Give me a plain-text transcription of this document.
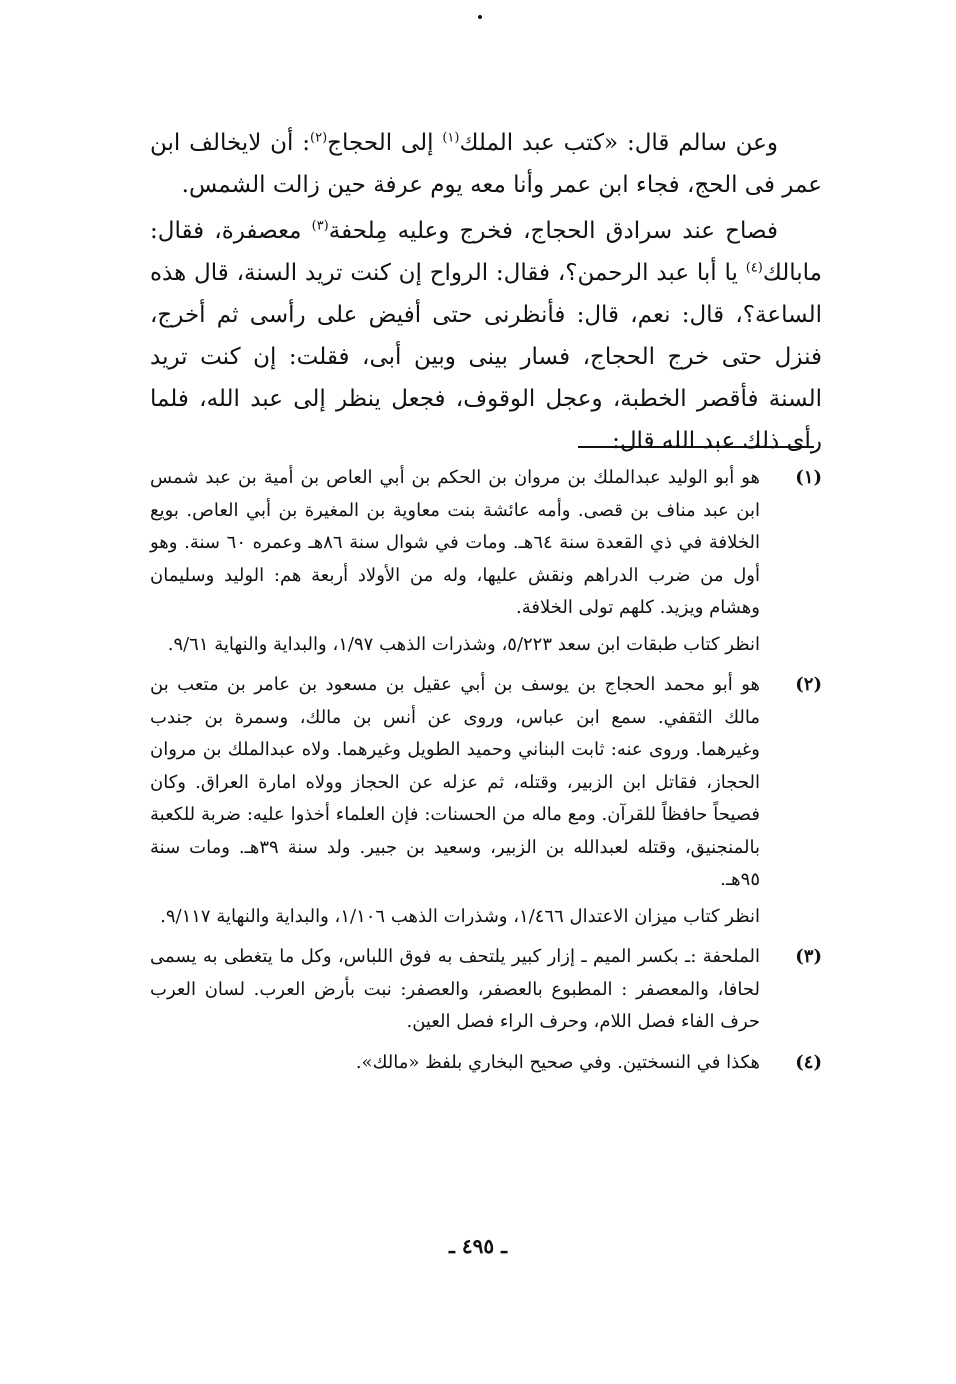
وعن سالم قال: «كتب عبد الملك$^{(١)}$ إلى الحجاج$^{(٢)}$: أن لايخالف ابن عمر فى الحج، فجاء ابن عمر وأنا معه يوم عرفة حين زالت الشمس.

فصاح عند سرادق الحجاج، فخرج وعليه مِلحفة$^{(٣)}$ معصفرة، فقال: مابالك$^{(٤)}$ يا أبا عبد الرحمن؟، فقال: الرواح إن كنت تريد السنة، قال هذه الساعة؟، قال: نعم، قال: فأنظرنى حتى أفيض على رأسى ثم أخرج، فنزل حتى خرج الحجاج، فسار بينى وبين أبى، فقلت: إن كنت تريد السنة فأقصر الخطبة، وعجل الوقوف، فجعل ينظر إلى عبد الله، فلما رأى ذلك عبد الله قال:

(١)

هو أبو الوليد عبدالملك بن مروان بن الحكم بن أبي العاص بن أمية بن عبد شمس ابن عبد مناف بن قصى. وأمه عائشة بنت معاوية بن المغيرة بن أبي العاص. بويع الخلافة في ذي القعدة سنة ٦٤هـ. ومات في شوال سنة ٨٦هـ وعمره ٦٠ سنة. وهو أول من ضرب الدراهم ونقش عليها، وله من الأولاد أربعة هم: الوليد وسليمان وهشام ويزيد. كلهم تولى الخلافة.

انظر كتاب طبقات ابن سعد ٥/٢٢٣، وشذرات الذهب ١/٩٧، والبداية والنهاية ٩/٦١.

(٢)

هو أبو محمد الحجاج بن يوسف بن أبي عقيل بن مسعود بن عامر بن متعب بن مالك الثقفي. سمع ابن عباس، وروى عن أنس بن مالك، وسمرة بن جندب وغيرهما. وروى عنه: ثابت البناني وحميد الطويل وغيرهما. ولاه عبدالملك بن مروان الحجاز، فقاتل ابن الزبير، وقتله، ثم عزله عن الحجاز وولاه امارة العراق. وكان فصيحاً حافظاً للقرآن. ومع ماله من الحسنات: فإن العلماء أخذوا عليه: ضربة للكعبة بالمنجنيق، وقتله لعبدالله بن الزبير، وسعيد بن جبير. ولد سنة ٣٩هـ. ومات سنة ٩٥هـ.

انظر كتاب ميزان الاعتدال ١/٤٦٦، وشذرات الذهب ١/١٠٦، والبداية والنهاية ٩/١١٧.

(٣)

الملحفة :ـ بكسر الميم ـ إزار كبير يلتحف به فوق اللباس، وكل ما يتغطى به يسمى لحافا، والمعصفر : المطبوع بالعصفر، والعصفر: نبت بأرض العرب. لسان العرب حرف الفاء فصل اللام، وحرف الراء فصل العين.

(٤)

هكذا في النسختين. وفي صحيح البخاري بلفظ «مالك».

ـ ٤٩٥ ـ
